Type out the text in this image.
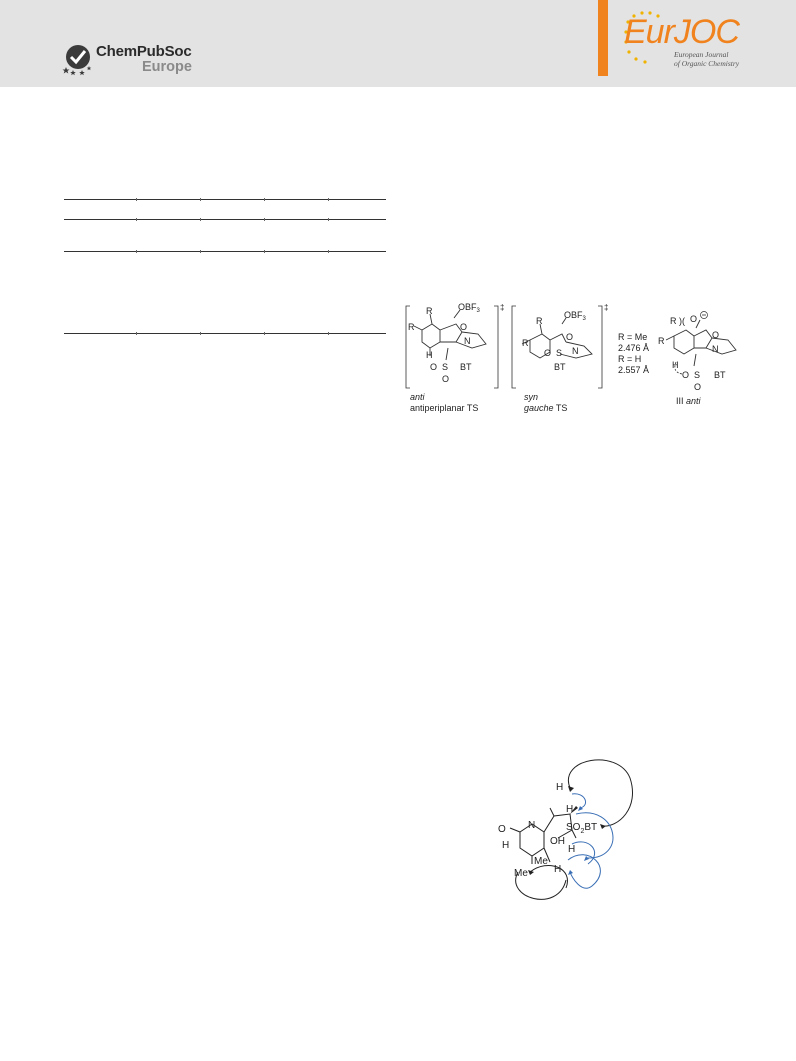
ChemPubSoc
Europe
EurJOC
European Journal
of Organic Chemistry
‡
R
R
$OBF_3$
O
N
H
S
O	BT
O
anti
antiperiplanar TS
‡
R
R
$OBF_3$
O
N
S
O
BT
syn
gauche TS
R = Me
2.476 Å
R = H
2.557 Å
R )( O
O
N
R
H
O S BT
O
III anti
O N
H
H
$SO_2BT$
OH
H
H
H
Me
Me
